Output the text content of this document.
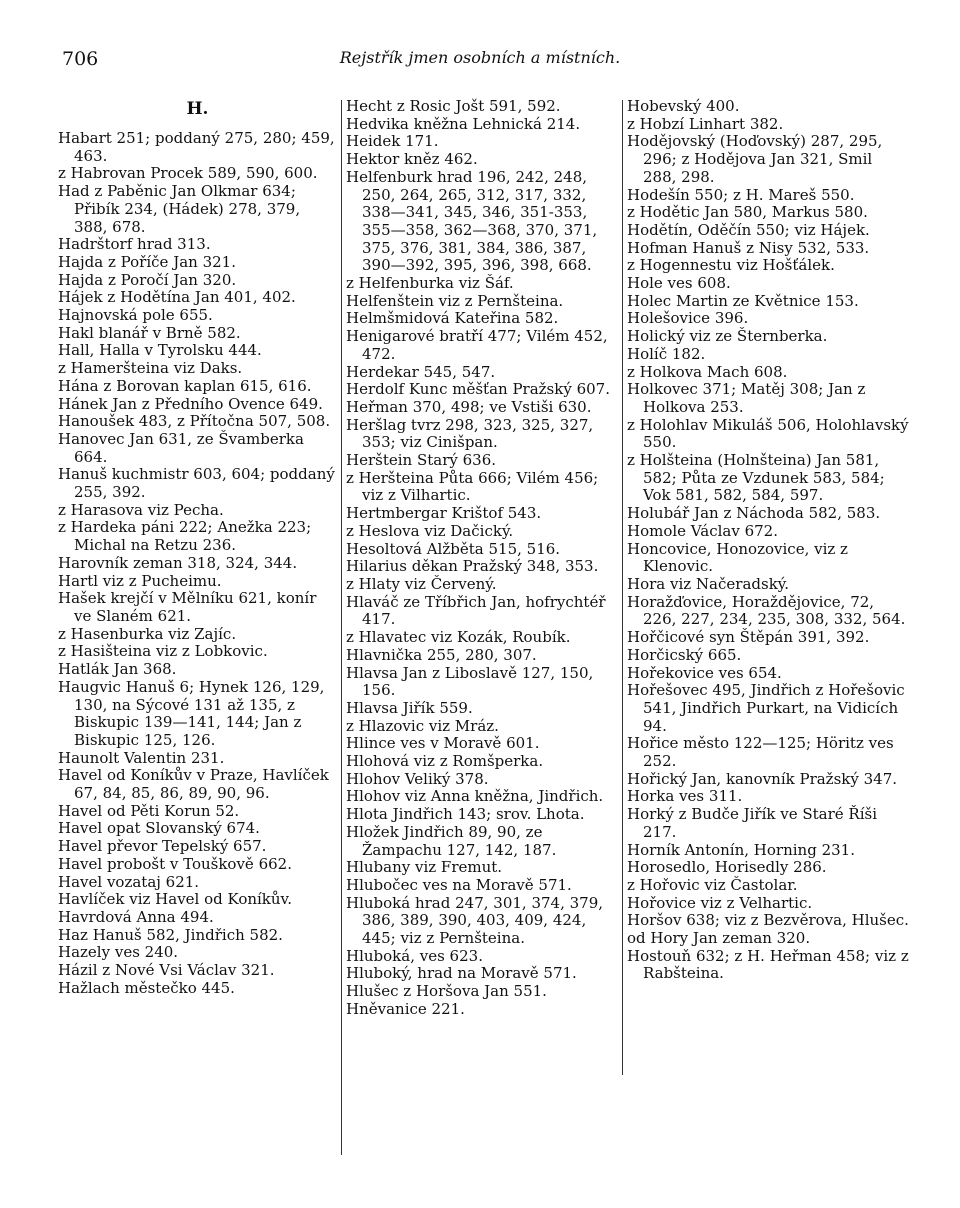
706	Rejstřík jmen osobních a místních.
H.

Habart 251; poddaný 275, 280; 459, 463.

z Habrovan Procek 589, 590, 600.

Had z Paběnic Jan Olkmar 634; Přibík 234, (Hádek) 278, 379, 388, 678.

Hadrštorf hrad 313.

Hajda z Poříče Jan 321.

Hajda z Poročí Jan 320.

Hájek z Hodětína Jan 401, 402.

Hajnovská pole 655.

Hakl blanář v Brně 582.

Hall, Halla v Tyrolsku 444.

z Hameršteina viz Daks.

Hána z Borovan kaplan 615, 616.

Hánek Jan z Předního Ovence 649.

Hanoušek 483, z Přítočna 507, 508.

Hanovec Jan 631, ze Švamberka 664.

Hanuš kuchmistr 603, 604; poddaný 255, 392.

z Harasova viz Pecha.

z Hardeka páni 222; Anežka 223; Michal na Retzu 236.

Harovník zeman 318, 324, 344.

Hartl viz z Pucheimu.

Hašek krejčí v Mělníku 621, konír ve Slaném 621.

z Hasenburka viz Zajíc.

z Hasišteina viz z Lobkovic.

Hatlák Jan 368.

Haugvic Hanuš 6; Hynek 126, 129, 130, na Sýcové 131 až 135, z Biskupic 139—141, 144; Jan z Biskupic 125, 126.

Haunolt Valentin 231.

Havel od Koníkův v Praze, Havlíček 67, 84, 85, 86, 89, 90, 96.

Havel od Pěti Korun 52.

Havel opat Slovanský 674.

Havel převor Tepelský 657.

Havel probošt v Touškově 662.

Havel vozataj 621.

Havlíček viz Havel od Koníkův.

Havrdová Anna 494.

Haz Hanuš 582, Jindřich 582.

Hazely ves 240.

Házil z Nové Vsi Václav 321.

Hažlach městečko 445.

Hecht z Rosic Jošt 591, 592.

Hedvika kněžna Lehnická 214.

Heidek 171.

Hektor kněz 462.

Helfenburk hrad 196, 242, 248, 250, 264, 265, 312, 317, 332, 338—341, 345, 346, 351-353, 355—358, 362—368, 370, 371, 375, 376, 381, 384, 386, 387, 390—392, 395, 396, 398, 668.

z Helfenburka viz Šáf.

Helfenštein viz z Pernšteina.

Helmšmidová Kateřina 582.

Henigarové bratří 477; Vilém 452, 472.

Herdekar 545, 547.

Herdolf Kunc měšťan Pražský 607.

Heřman 370, 498; ve Vstiši 630.

Heršlag tvrz 298, 323, 325, 327, 353; viz Cinišpan.

Herštein Starý 636.

z Heršteina Půta 666; Vilém 456; viz z Vilhartic.

Hertmbergar Krištof 543.

z Heslova viz Dačický.

Hesoltová Alžběta 515, 516.

Hilarius děkan Pražský 348, 353.

z Hlaty viz Červený.

Hlaváč ze Tříbřich Jan, hofrychtéř 417.

z Hlavatec viz Kozák, Roubík.

Hlavnička 255, 280, 307.

Hlavsa Jan z Liboslavě 127, 150, 156.

Hlavsa Jiřík 559.

z Hlazovic viz Mráz.

Hlince ves v Moravě 601.

Hlohová viz z Romšperka.

Hlohov Veliký 378.

Hlohov viz Anna kněžna, Jindřich.

Hlota Jindřich 143; srov. Lhota.

Hložek Jindřich 89, 90, ze Žampachu 127, 142, 187.

Hlubany viz Fremut.

Hlubočec ves na Moravě 571.

Hluboká hrad 247, 301, 374, 379, 386, 389, 390, 403, 409, 424, 445; viz z Pernšteina.

Hluboká, ves 623.

Hluboký, hrad na Moravě 571.

Hlušec z Horšova Jan 551.

Hněvanice 221.

Hobevský 400.

z Hobzí Linhart 382.

Hodějovský (Hoďovský) 287, 295, 296; z Hodějova Jan 321, Smil 288, 298.

Hodešín 550; z H. Mareš 550.

z Hodětic Jan 580, Markus 580.

Hodětín, Oděčín 550; viz Hájek.

Hofman Hanuš z Nisy 532, 533.

z Hogennestu viz Hošťálek.

Hole ves 608.

Holec Martin ze Květnice 153.

Holešovice 396.

Holický viz ze Šternberka.

Holíč 182.

z Holkova Mach 608.

Holkovec 371; Matěj 308; Jan z Holkova 253.

z Holohlav Mikuláš 506, Holohlavský 550.

z Holšteina (Holnšteina) Jan 581, 582; Půta ze Vzdunek 583, 584; Vok 581, 582, 584, 597.

Holubář Jan z Náchoda 582, 583.

Homole Václav 672.

Honcovice, Honozovice, viz z Klenovic.

Hora viz Načeradský.

Horažďovice, Horaždějovice, 72, 226, 227, 234, 235, 308, 332, 564.

Hořčicové syn Štěpán 391, 392.

Horčicský 665.

Hořekovice ves 654.

Hořešovec 495, Jindřich z Hořešovic 541, Jindřich Purkart, na Vidicích 94.

Hořice město 122—125; Höritz ves 252.

Hořický Jan, kanovník Pražský 347.

Horka ves 311.

Horký z Budče Jiřík ve Staré Říši 217.

Horník Antonín, Horning 231.

Horosedlo, Horisedly 286.

z Hořovic viz Častolar.

Hořovice viz z Velhartic.

Horšov 638; viz z Bezvěrova, Hlušec.

od Hory Jan zeman 320.

Hostouň 632; z H. Heřman 458; viz z Rabšteina.
